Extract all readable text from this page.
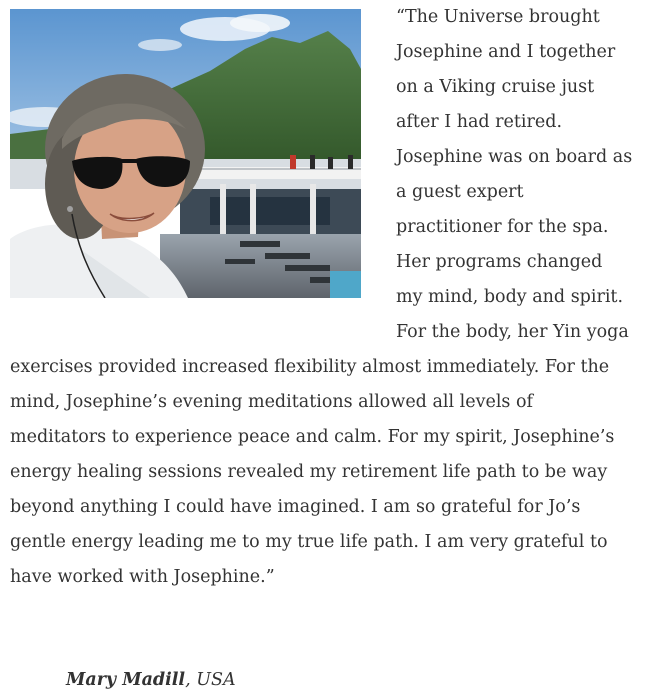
“The Universe brought
Josephine and I together
on a Viking cruise just
after I had retired.
Josephine was on board as
a guest expert
practitioner for the spa.
Her programs changed
my mind, body and spirit.
For the body, her Yin yoga
exercises provided increased flexibility almost immediately. For the
mind, Josephine’s evening meditations allowed all levels of
meditators to experience peace and calm. For my spirit, Josephine’s
energy healing sessions revealed my retirement life path to be way
beyond anything I could have imagined. I am so grateful for Jo’s
gentle energy leading me to my true life path. I am very grateful to
have worked with Josephine.”
Mary Madill, USA
